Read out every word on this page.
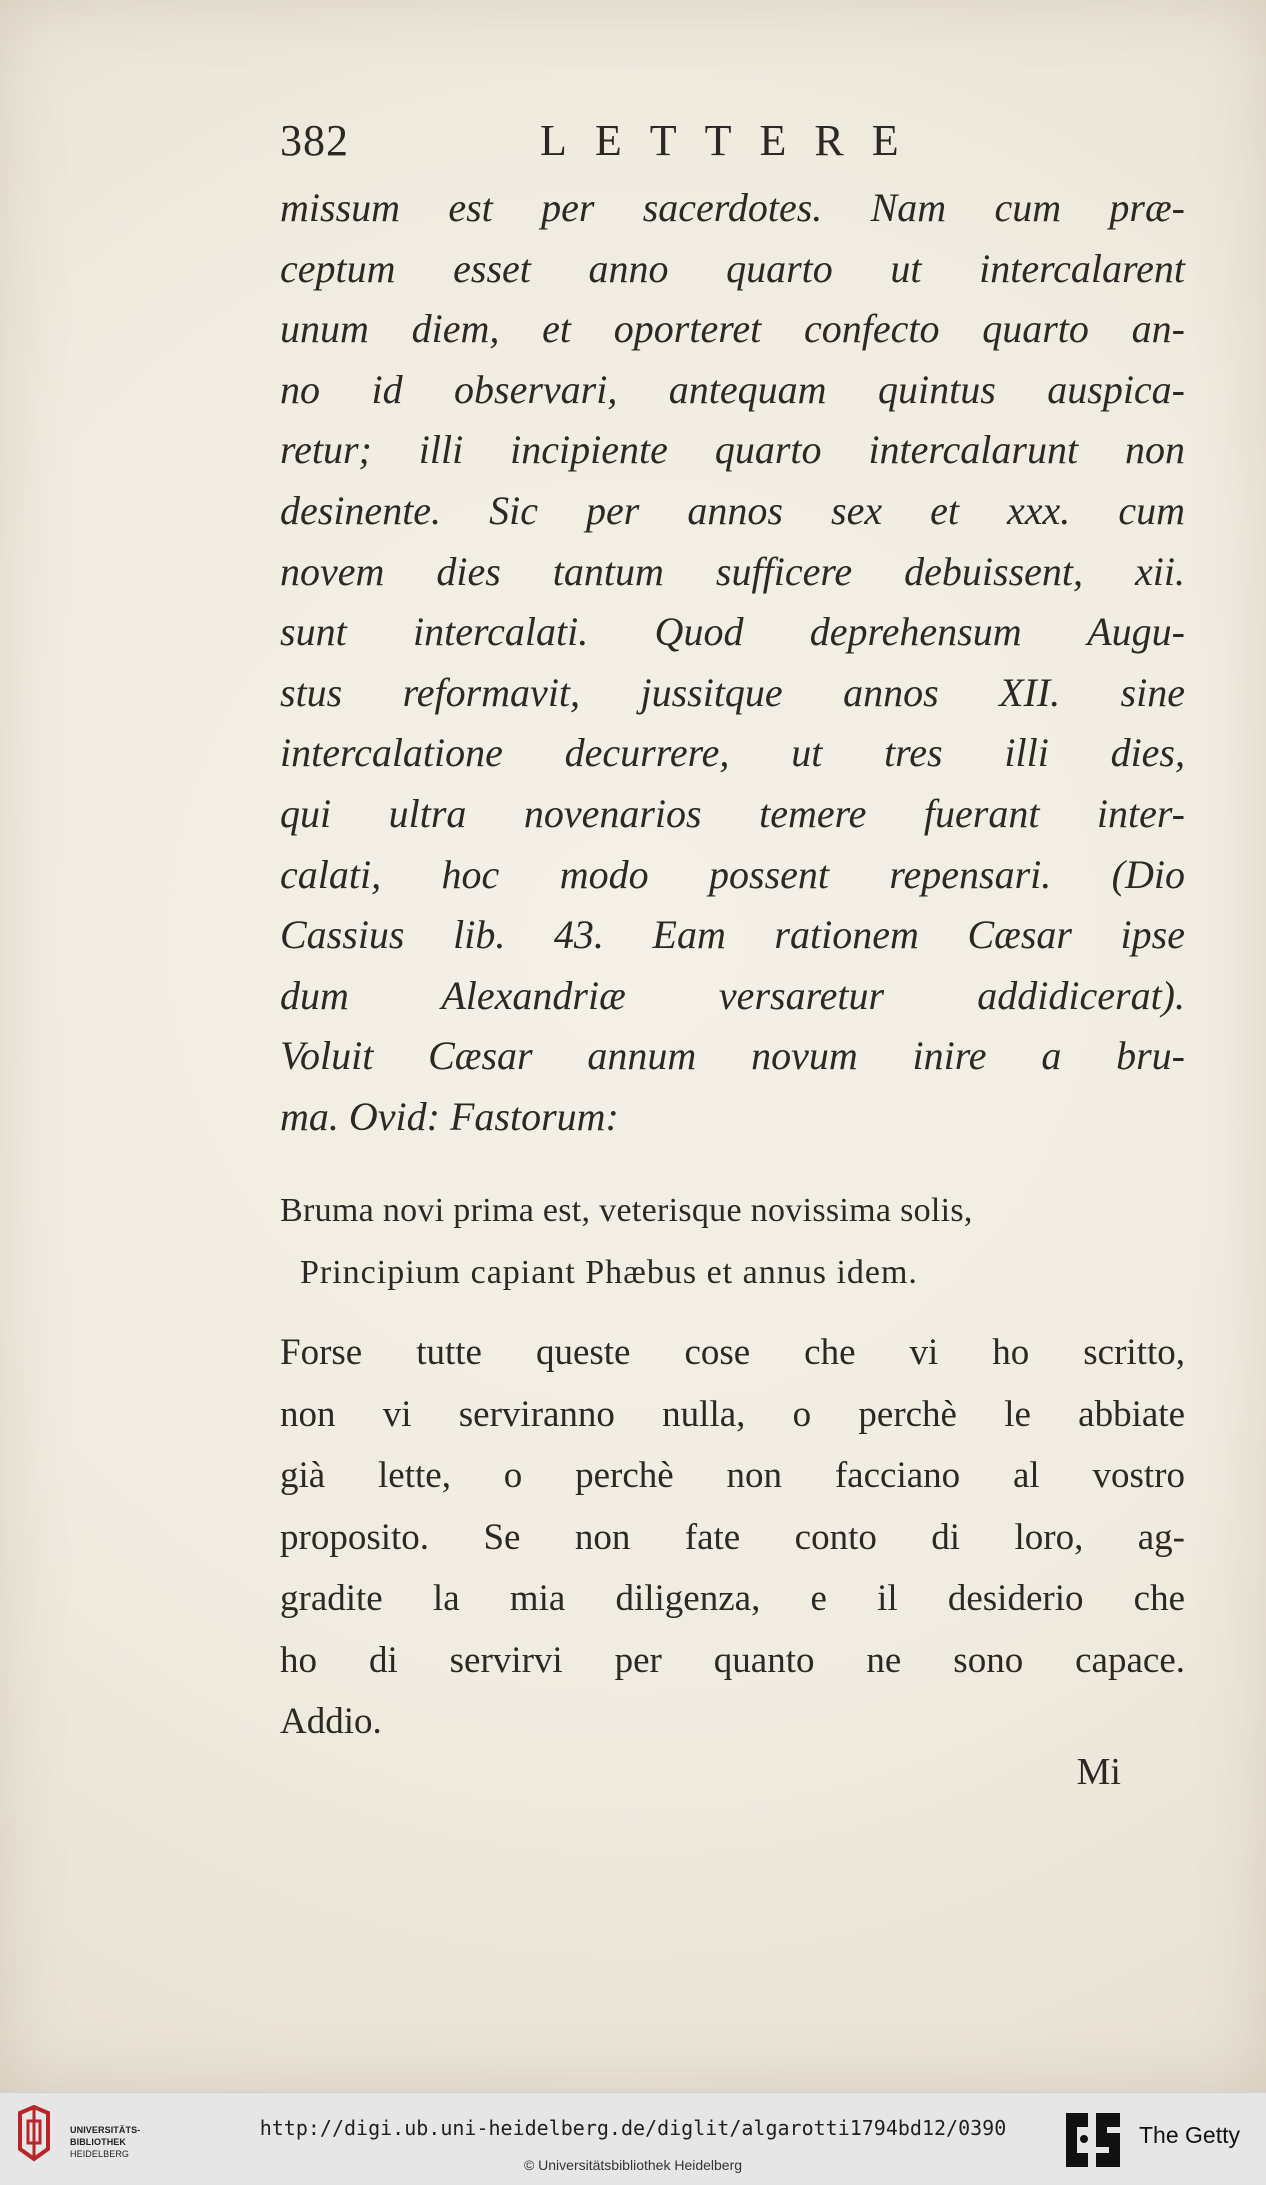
382	LETTERE
missum est per sacerdotes. Nam cum præ-
ceptum esset anno quarto ut intercalarent
unum diem, et oporteret confecto quarto an-
no id observari, antequam quintus auspica-
retur; illi incipiente quarto intercalarunt non
desinente. Sic per annos sex et xxx. cum
novem dies tantum sufficere debuissent, xii.
sunt intercalati. Quod deprehensum Augu-
stus reformavit, jussitque annos XII. sine
intercalatione decurrere, ut tres illi dies,
qui ultra novenarios temere fuerant inter-
calati, hoc modo possent repensari. (Dio
Cassius lib. 43. Eam rationem Cæsar ipse
dum Alexandriæ versaretur addidicerat).
Voluit Cæsar annum novum inire a bru-
ma. Ovid: Fastorum:
Bruma novi prima est, veterisque novissima solis,
Principium capiant Phæbus et annus idem.
Forse tutte queste cose che vi ho scritto,
non vi serviranno nulla, o perchè le abbiate
già lette, o perchè non facciano al vostro
proposito. Se non fate conto di loro, ag-
gradite la mia diligenza, e il desiderio che
ho di servirvi per quanto ne sono capace.
Addio.
Mi
UNIVERSITÄTS-
BIBLIOTHEK
HEIDELBERG
http://digi.ub.uni-heidelberg.de/diglit/algarotti1794bd12/0390
© Universitätsbibliothek Heidelberg
The Getty
